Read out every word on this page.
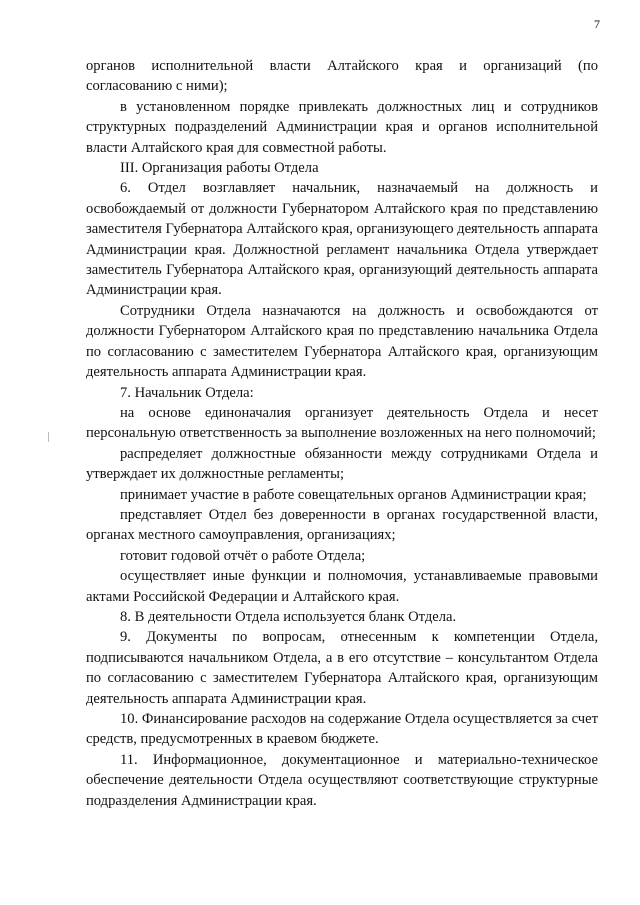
7

органов исполнительной власти Алтайского края и организаций (по согласованию с ними);

в установленном порядке привлекать должностных лиц и сотрудников структурных подразделений Администрации края и органов исполнительной власти Алтайского края для совместной работы.

III. Организация работы Отдела

6. Отдел возглавляет начальник, назначаемый на должность и освобождаемый от должности Губернатором Алтайского края по представлению заместителя Губернатора Алтайского края, организующего деятельность аппарата Администрации края. Должностной регламент начальника Отдела утверждает заместитель Губернатора Алтайского края, организующий деятельность аппарата Администрации края.

Сотрудники Отдела назначаются на должность и освобождаются от должности Губернатором Алтайского края по представлению начальника Отдела по согласованию с заместителем Губернатора Алтайского края, организующим деятельность аппарата Администрации края.

7. Начальник Отдела:

на основе единоначалия организует деятельность Отдела и несет персональную ответственность за выполнение возложенных на него полномочий;

распределяет должностные обязанности между сотрудниками Отдела и утверждает их должностные регламенты;

принимает участие в работе совещательных органов Администрации края;

представляет Отдел без доверенности в органах государственной власти, органах местного самоуправления, организациях;

готовит годовой отчёт о работе Отдела;

осуществляет иные функции и полномочия, устанавливаемые правовыми актами Российской Федерации и Алтайского края.

8. В деятельности Отдела используется бланк Отдела.

9. Документы по вопросам, отнесенным к компетенции Отдела, подписываются начальником Отдела, а в его отсутствие – консультантом Отдела по согласованию с заместителем Губернатора Алтайского края, организующим деятельность аппарата Администрации края.

10. Финансирование расходов на содержание Отдела осуществляется за счет средств, предусмотренных в краевом бюджете.

11. Информационное, документационное и материально-техническое обеспечение деятельности Отдела осуществляют соответствующие структурные подразделения Администрации края.
